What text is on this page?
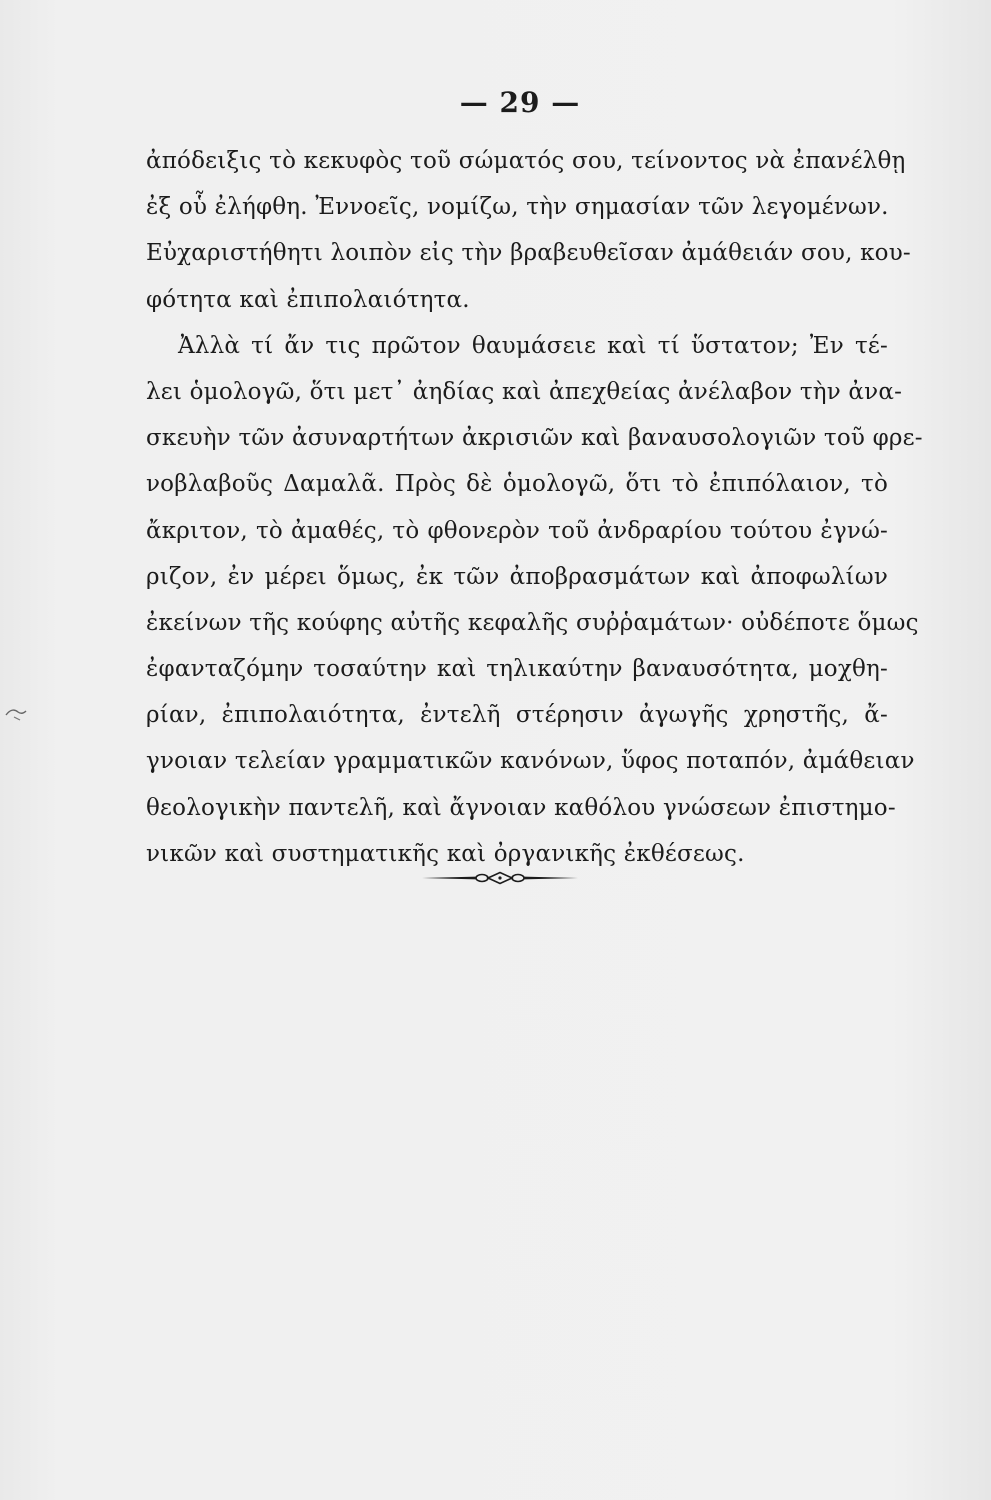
— 29 —
ἀπόδειξις τὸ κεκυφὸς τοῦ σώματός σου, τείνοντος νὰ ἐπανέλθῃ
ἐξ οὗ ἐλήφθη. Ἐννοεῖς, νομίζω, τὴν σημασίαν τῶν λεγομένων.
Εὐχαριστήθητι λοιπὸν εἰς τὴν βραβευθεῖσαν ἀμάθειάν σου, κου-
φότητα καὶ ἐπιπολαιότητα.
Ἀλλὰ τί ἄν τις πρῶτον θαυμάσειε καὶ τί ὕστατον; Ἐν τέ-
λει ὁμολογῶ, ὅτι μετ᾽ ἀηδίας καὶ ἀπεχθείας ἀνέλαβον τὴν ἀνα-
σκευὴν τῶν ἀσυναρτήτων ἀκρισιῶν καὶ βαναυσολογιῶν τοῦ φρε-
νοβλαβοῦς Δαμαλᾶ. Πρὸς δὲ ὁμολογῶ, ὅτι τὸ ἐπιπόλαιον, τὸ
ἄκριτον, τὸ ἀμαθές, τὸ φθονερὸν τοῦ ἀνδραρίου τούτου ἐγνώ-
ριζον, ἐν μέρει ὅμως, ἐκ τῶν ἀποβρασμάτων καὶ ἀποφωλίων
ἐκείνων τῆς κούφης αὐτῆς κεφαλῆς συῤῥαμάτων· οὐδέποτε ὅμως
ἐφανταζόμην τοσαύτην καὶ τηλικαύτην βαναυσότητα, μοχθη-
ρίαν, ἐπιπολαιότητα, ἐντελῆ στέρησιν ἀγωγῆς χρηστῆς, ἄ-
γνοιαν τελείαν γραμματικῶν κανόνων, ὕφος ποταπόν, ἀμάθειαν
θεολογικὴν παντελῆ, καὶ ἄγνοιαν καθόλου γνώσεων ἐπιστημο-
νικῶν καὶ συστηματικῆς καὶ ὀργανικῆς ἐκθέσεως.
